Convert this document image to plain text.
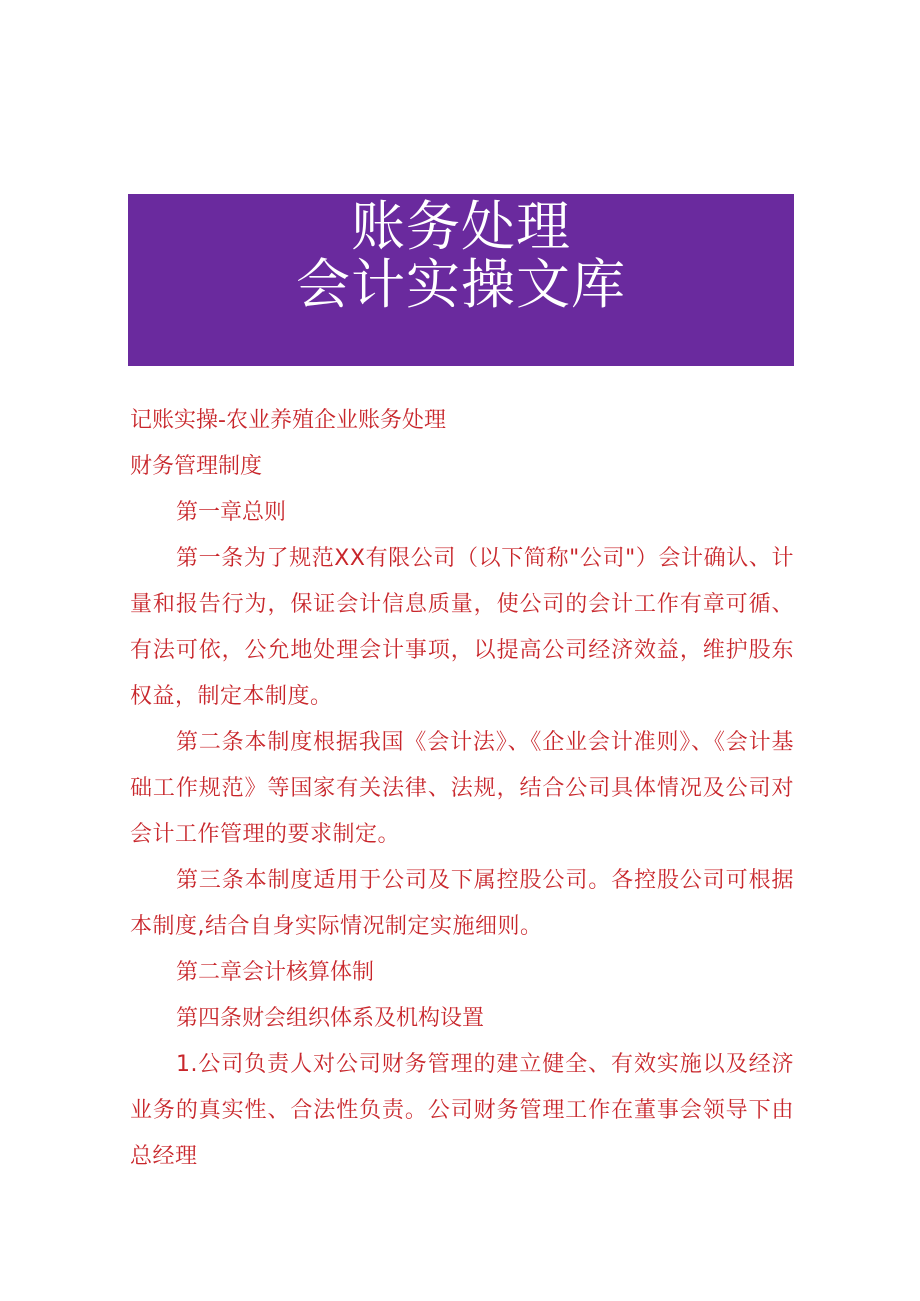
账务处理
会计实操文库

记账实操-农业养殖企业账务处理

财务管理制度

第一章总则

第一条为了规范XX有限公司（以下简称"公司"）会计确认、计量和报告行为，保证会计信息质量，使公司的会计工作有章可循、有法可依，公允地处理会计事项，以提高公司经济效益，维护股东权益，制定本制度。

第二条本制度根据我国《会计法》、《企业会计准则》、《会计基础工作规范》等国家有关法律、法规，结合公司具体情况及公司对会计工作管理的要求制定。

第三条本制度适用于公司及下属控股公司。各控股公司可根据本制度,结合自身实际情况制定实施细则。

第二章会计核算体制

第四条财会组织体系及机构设置

1.公司负责人对公司财务管理的建立健全、有效实施以及经济业务的真实性、合法性负责。公司财务管理工作在董事会领导下由总经理
